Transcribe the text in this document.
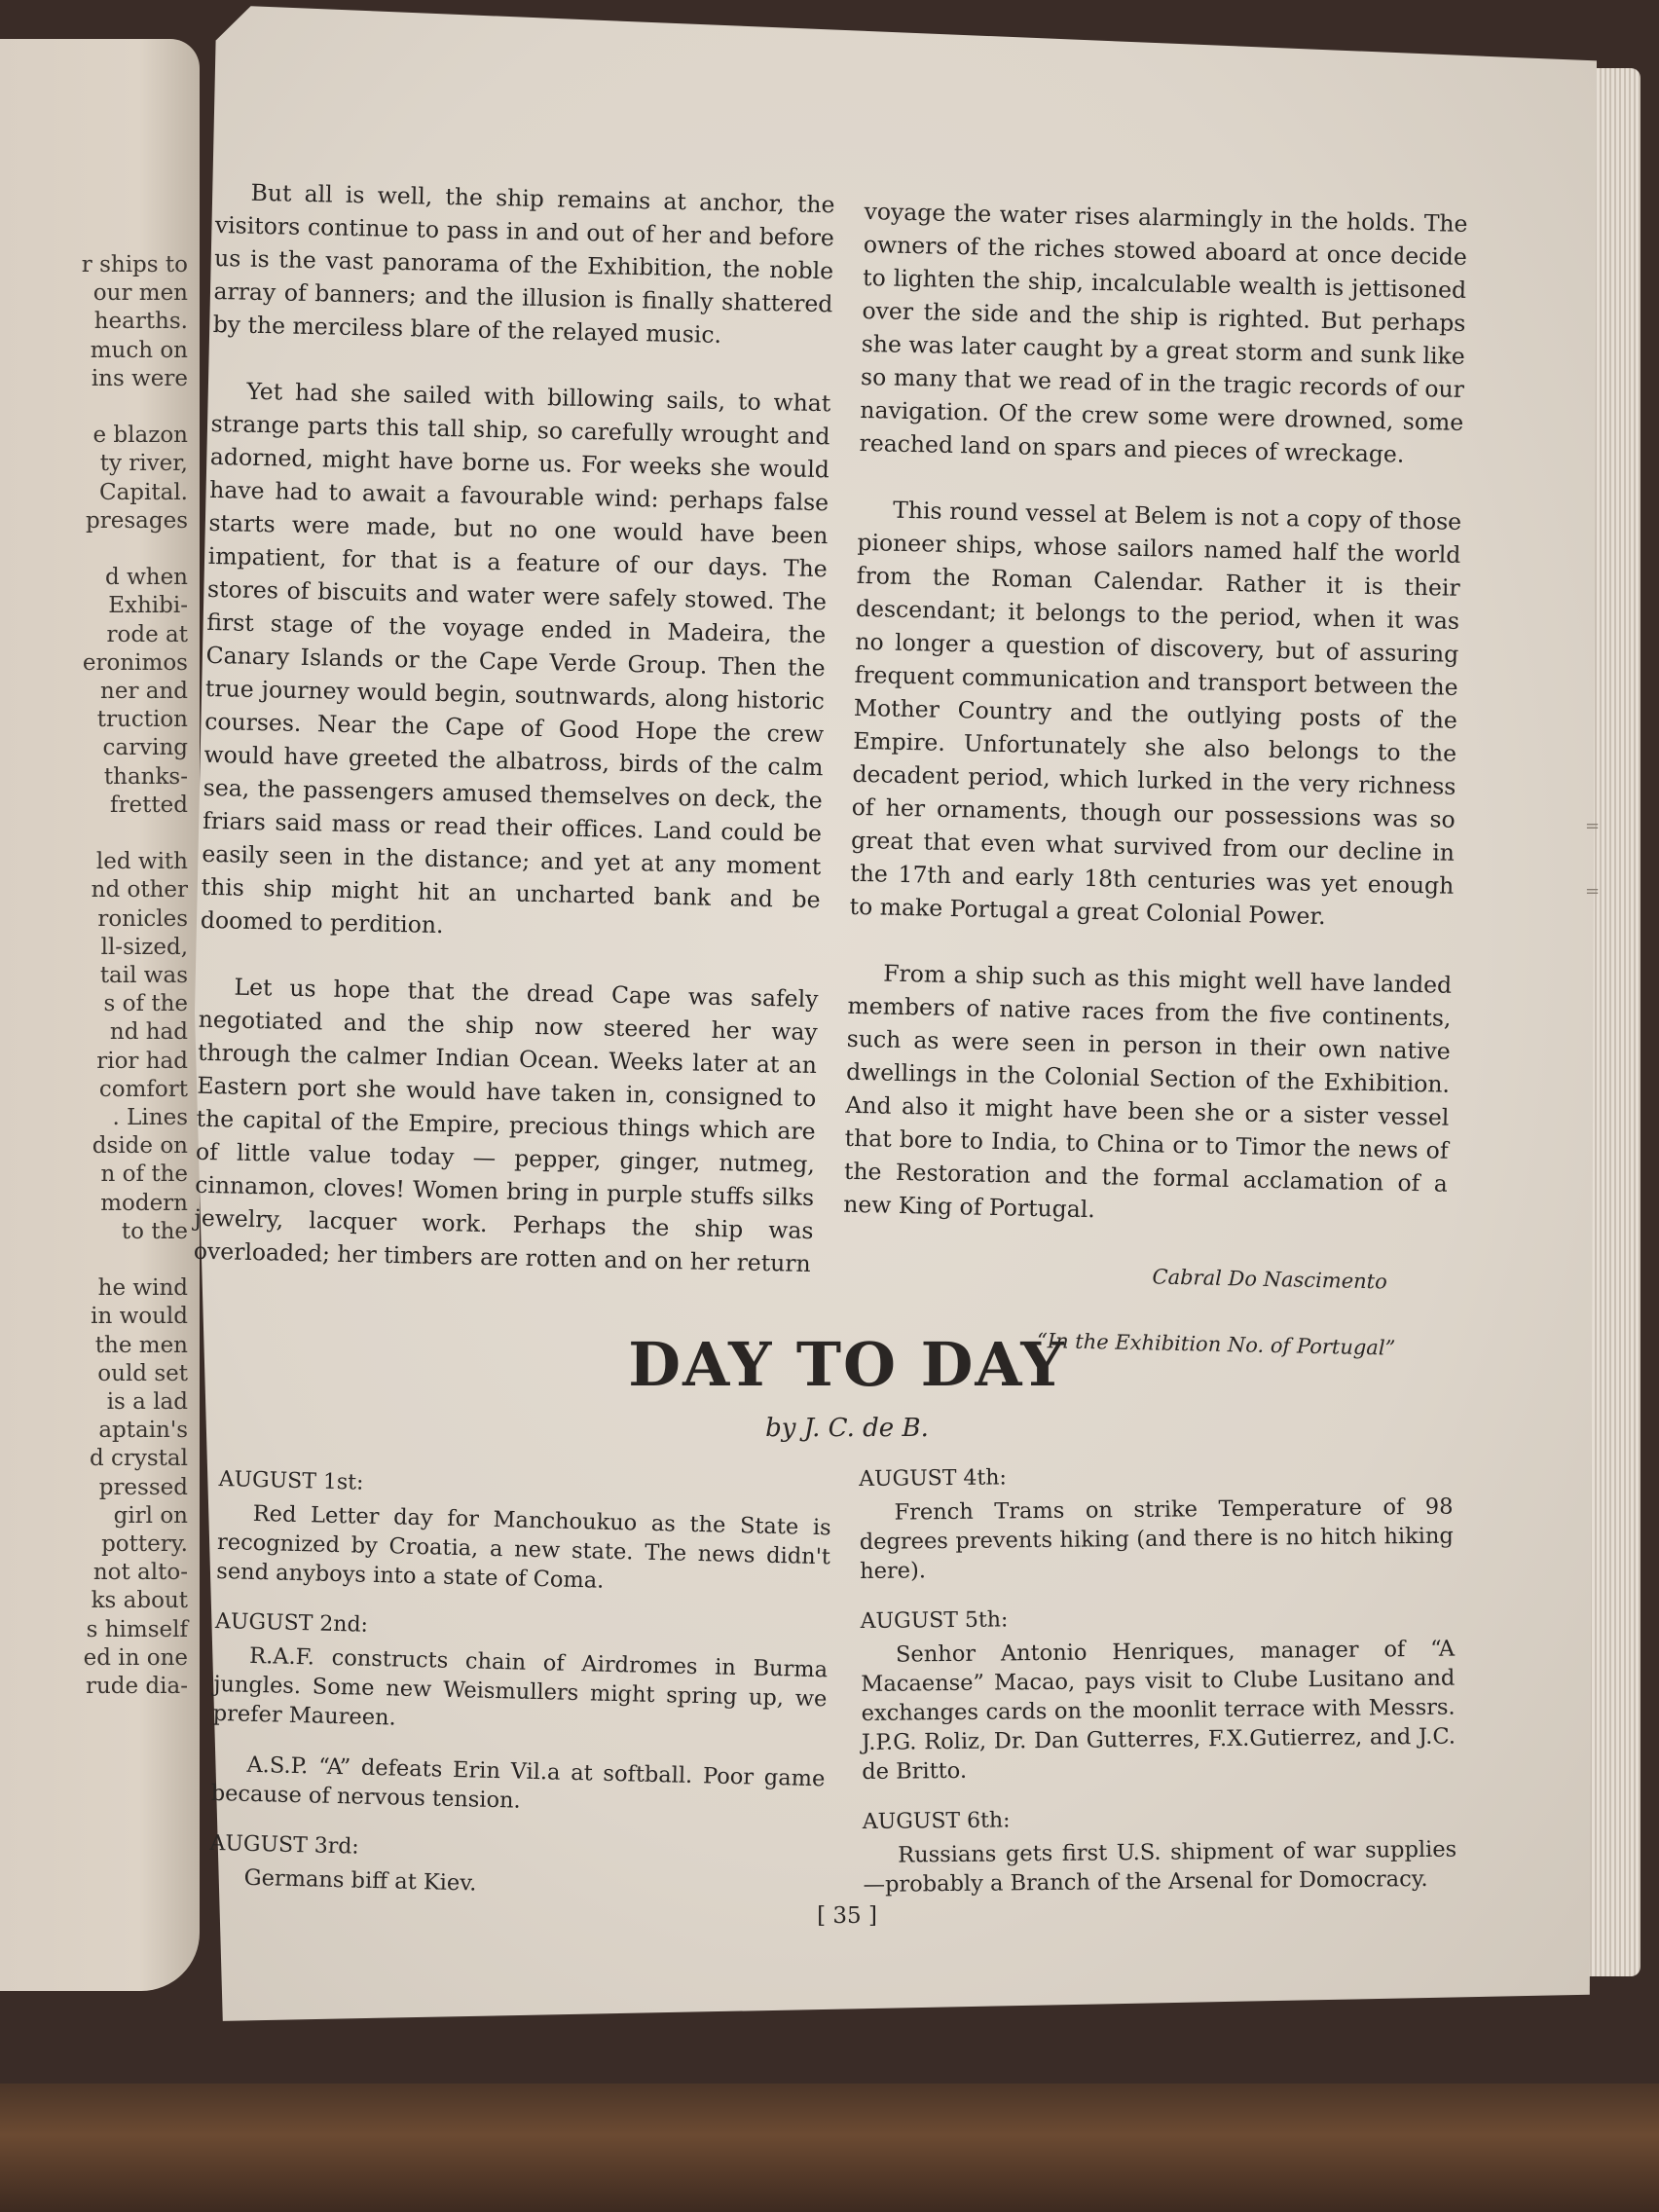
r ships to
our men
hearths.
much on
ins were
e blazon
ty river,
Capital.
presages
d when
Exhibi-
rode at
eronimos
ner and
truction
carving
thanks-
fretted
led with
nd other
ronicles
ll-sized,
tail was
s of the
nd had
rior had
comfort
. Lines
dside on
n of the
modern
to the
he wind
in would
the men
ould set
is a lad
aptain's
d crystal
pressed
girl on
pottery.
not alto-
ks about
s himself
ed in one
rude dia-

But all is well, the ship remains at anchor, the visitors continue to pass in and out of her and before us is the vast panorama of the Exhibition, the noble array of banners; and the illusion is finally shattered by the merciless blare of the relayed music.

Yet had she sailed with billowing sails, to what strange parts this tall ship, so carefully wrought and adorned, might have borne us. For weeks she would have had to await a favourable wind: perhaps false starts were made, but no one would have been impatient, for that is a feature of our days. The stores of biscuits and water were safely stowed. The first stage of the voyage ended in Madeira, the Canary Islands or the Cape Verde Group. Then the true journey would begin, soutnwards, along historic courses. Near the Cape of Good Hope the crew would have greeted the albatross, birds of the calm sea, the passengers amused themselves on deck, the friars said mass or read their offices. Land could be easily seen in the distance; and yet at any moment this ship might hit an uncharted bank and be doomed to perdition.

Let us hope that the dread Cape was safely negotiated and the ship now steered her way through the calmer Indian Ocean. Weeks later at an Eastern port she would have taken in, consigned to the capital of the Empire, precious things which are of little value today — pepper, ginger, nutmeg, cinnamon, cloves! Women bring in purple stuffs silks jewelry, lacquer work. Perhaps the ship was overloaded; her timbers are rotten and on her return

voyage the water rises alarmingly in the holds. The owners of the riches stowed aboard at once decide to lighten the ship, incalculable wealth is jettisoned over the side and the ship is righted. But perhaps she was later caught by a great storm and sunk like so many that we read of in the tragic records of our navigation. Of the crew some were drowned, some reached land on spars and pieces of wreckage.

This round vessel at Belem is not a copy of those pioneer ships, whose sailors named half the world from the Roman Calendar. Rather it is their descendant; it belongs to the period, when it was no longer a question of discovery, but of assuring frequent communication and transport between the Mother Country and the outlying posts of the Empire. Unfortunately she also belongs to the decadent period, which lurked in the very richness of her ornaments, though our possessions was so great that even what survived from our decline in the 17th and early 18th centuries was yet enough to make Portugal a great Colonial Power.

From a ship such as this might well have landed members of native races from the five continents, such as were seen in person in their own native dwellings in the Colonial Section of the Exhibition. And also it might have been she or a sister vessel that bore to India, to China or to Timor the news of the Restoration and the formal acclamation of a new King of Portugal.

Cabral Do Nascimento

“In the Exhibition No. of Portugal”

DAY TO DAY
by J. C. de B.

AUGUST 1st:

Red Letter day for Manchoukuo as the State is recognized by Croatia, a new state. The news didn't send anyboys into a state of Coma.

AUGUST 2nd:

R.A.F. constructs chain of Airdromes in Burma jungles. Some new Weismullers might spring up, we prefer Maureen.

A.S.P. “A” defeats Erin Vil.a at softball. Poor game because of nervous tension.

AUGUST 3rd:

Germans biff at Kiev.

AUGUST 4th:

French Trams on strike Temperature of 98 degrees prevents hiking (and there is no hitch hiking here).

AUGUST 5th:

Senhor Antonio Henriques, manager of “A Macaense” Macao, pays visit to Clube Lusitano and exchanges cards on the moonlit terrace with Messrs. J.P.G. Roliz, Dr. Dan Gutterres, F.X.Gutierrez, and J.C. de Britto.

AUGUST 6th:

Russians gets first U.S. shipment of war supplies —probably a Branch of the Arsenal for Domocracy.

[ 35 ]
=
=
